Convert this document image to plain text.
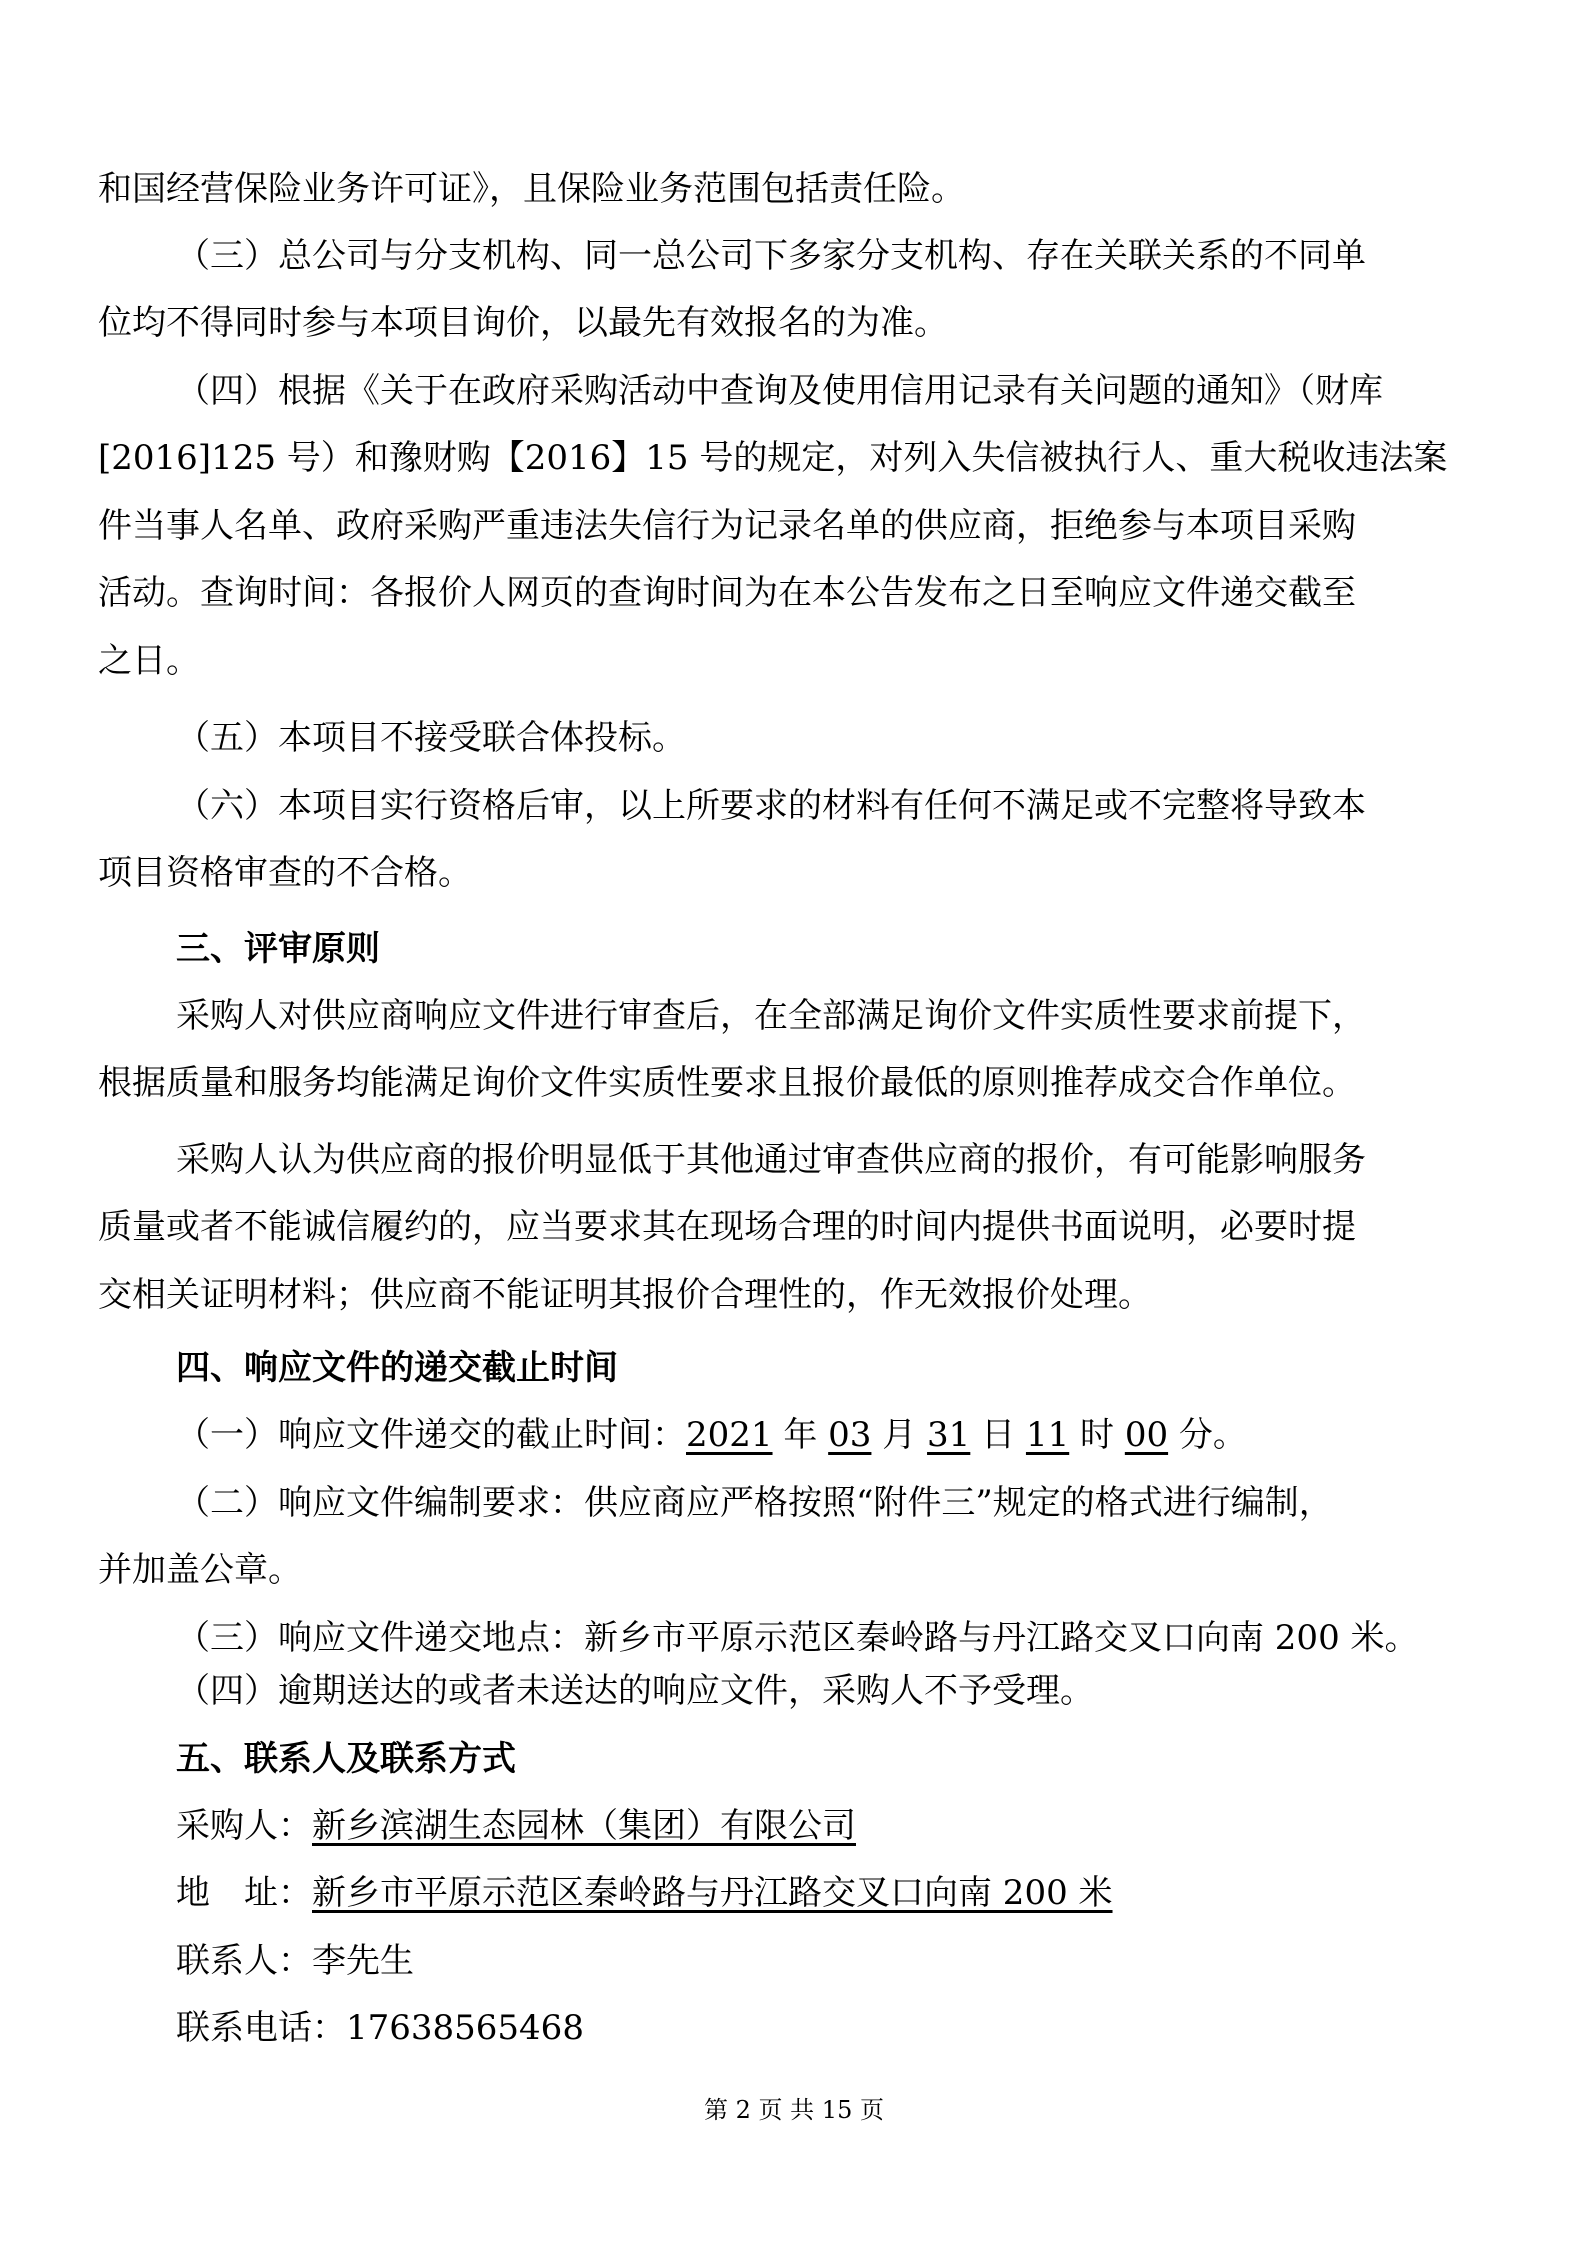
和国经营保险业务许可证》，且保险业务范围包括责任险。
（三）总公司与分支机构、同一总公司下多家分支机构、存在关联关系的不同单
位均不得同时参与本项目询价，以最先有效报名的为准。
（四）根据《关于在政府采购活动中查询及使用信用记录有关问题的通知》（财库
[2016]125 号）和豫财购【2016】15 号的规定，对列入失信被执行人、重大税收违法案
件当事人名单、政府采购严重违法失信行为记录名单的供应商，拒绝参与本项目采购
活动。查询时间：各报价人网页的查询时间为在本公告发布之日至响应文件递交截至
之日。
（五）本项目不接受联合体投标。
（六）本项目实行资格后审，以上所要求的材料有任何不满足或不完整将导致本
项目资格审查的不合格。
三、评审原则
采购人对供应商响应文件进行审查后，在全部满足询价文件实质性要求前提下，
根据质量和服务均能满足询价文件实质性要求且报价最低的原则推荐成交合作单位。
采购人认为供应商的报价明显低于其他通过审查供应商的报价，有可能影响服务
质量或者不能诚信履约的，应当要求其在现场合理的时间内提供书面说明，必要时提
交相关证明材料；供应商不能证明其报价合理性的，作无效报价处理。
四、响应文件的递交截止时间
（一）响应文件递交的截止时间：2021 年 03 月 31 日 11 时 00 分。
（二）响应文件编制要求：供应商应严格按照“附件三”规定的格式进行编制，
并加盖公章。
（三）响应文件递交地点：新乡市平原示范区秦岭路与丹江路交叉口向南 200 米。
（四）逾期送达的或者未送达的响应文件，采购人不予受理。
五、联系人及联系方式
采购人：新乡滨湖生态园林（集团）有限公司
地　址：新乡市平原示范区秦岭路与丹江路交叉口向南 200 米
联系人：李先生
联系电话：17638565468
第 2 页 共 15 页
